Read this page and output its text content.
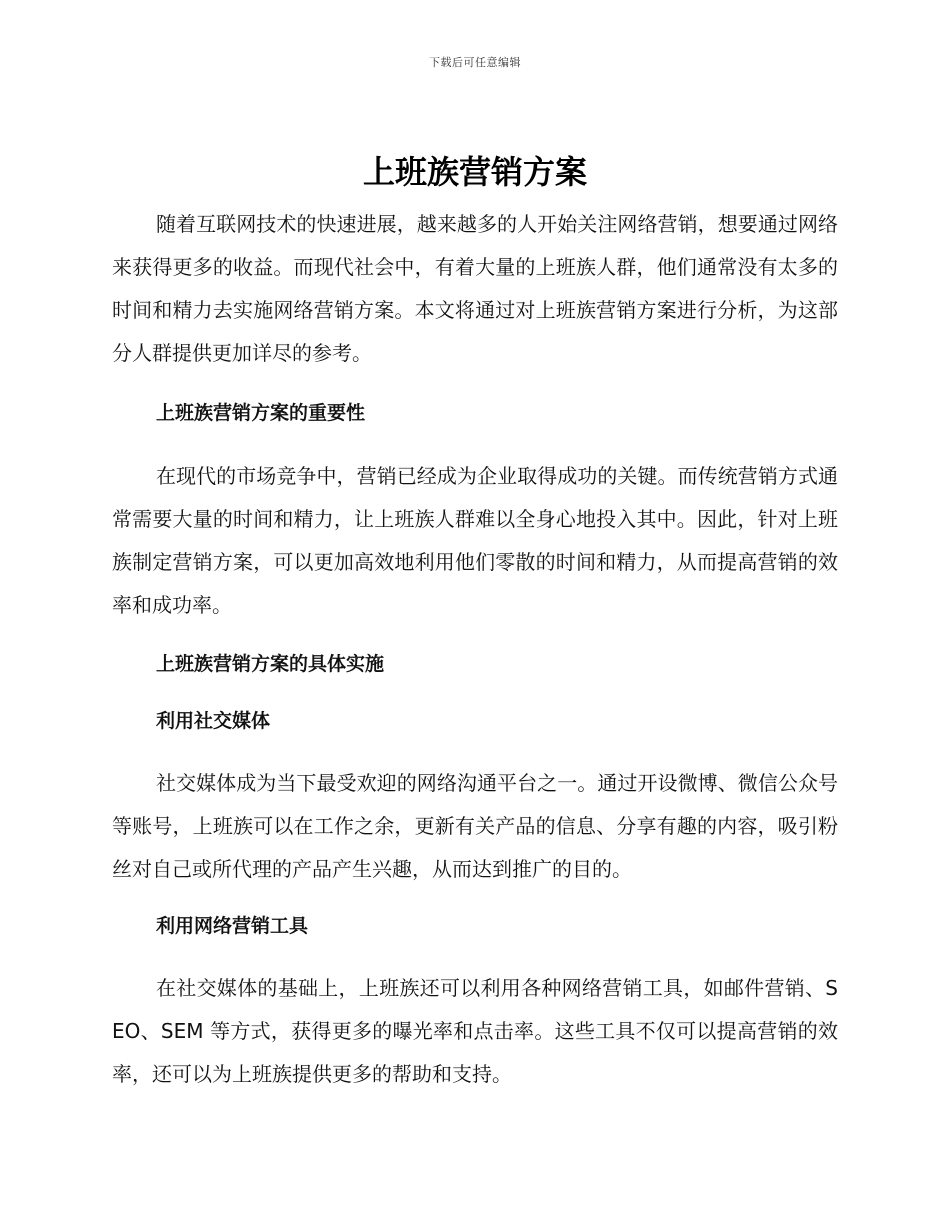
下载后可任意编辑
上班族营销方案

随着互联网技术的快速进展，越来越多的人开始关注网络营销，想要通过网络来获得更多的收益。而现代社会中，有着大量的上班族人群，他们通常没有太多的时间和精力去实施网络营销方案。本文将通过对上班族营销方案进行分析，为这部分人群提供更加详尽的参考。

上班族营销方案的重要性

在现代的市场竞争中，营销已经成为企业取得成功的关键。而传统营销方式通常需要大量的时间和精力，让上班族人群难以全身心地投入其中。因此，针对上班族制定营销方案，可以更加高效地利用他们零散的时间和精力，从而提高营销的效率和成功率。

上班族营销方案的具体实施

利用社交媒体

社交媒体成为当下最受欢迎的网络沟通平台之一。通过开设微博、微信公众号等账号，上班族可以在工作之余，更新有关产品的信息、分享有趣的内容，吸引粉丝对自己或所代理的产品产生兴趣，从而达到推广的目的。

利用网络营销工具

在社交媒体的基础上，上班族还可以利用各种网络营销工具，如邮件营销、SEO、SEM 等方式，获得更多的曝光率和点击率。这些工具不仅可以提高营销的效率，还可以为上班族提供更多的帮助和支持。
